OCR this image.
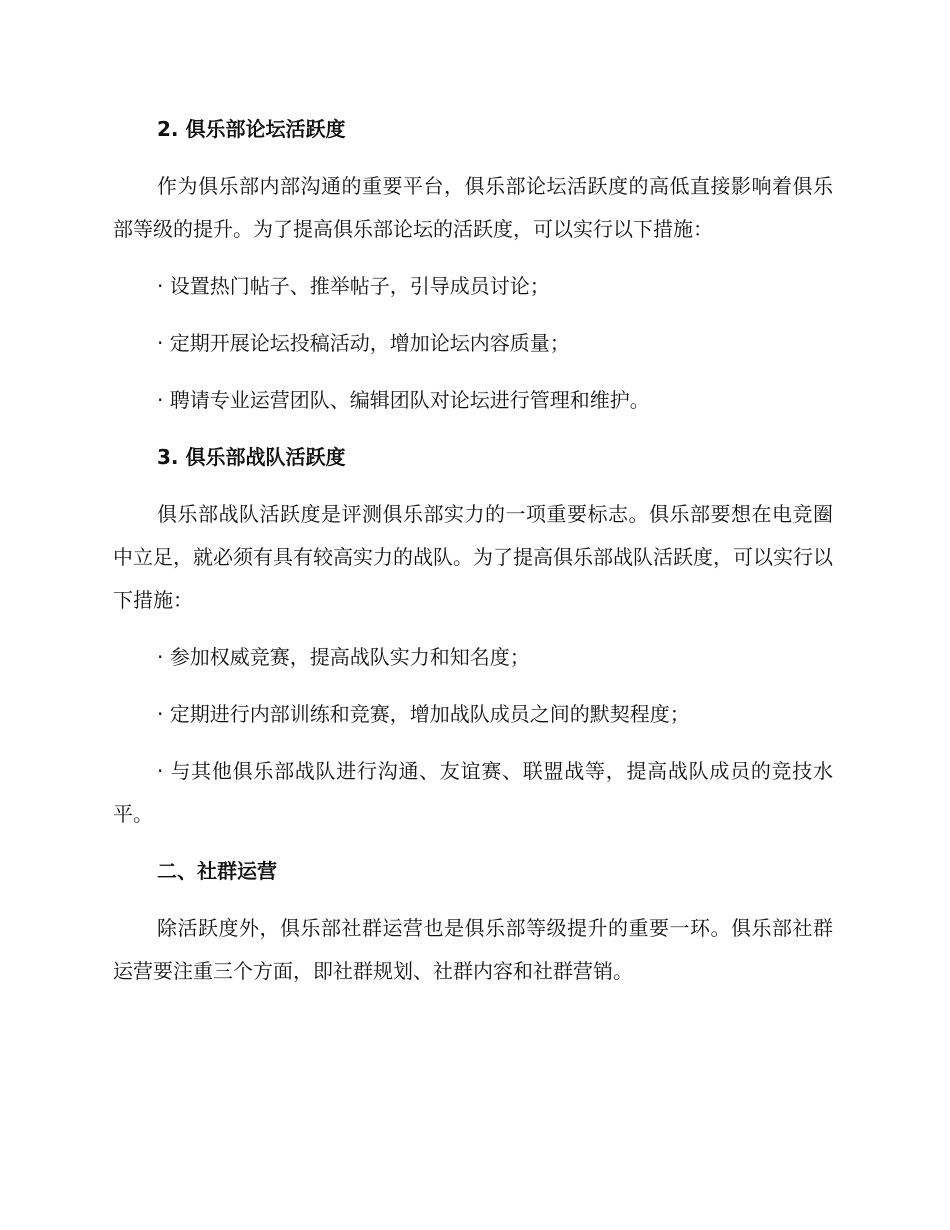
2. 俱乐部论坛活跃度

作为俱乐部内部沟通的重要平台，俱乐部论坛活跃度的高低直接影响着俱乐部等级的提升。为了提高俱乐部论坛的活跃度，可以实行以下措施：

· 设置热门帖子、推举帖子，引导成员讨论；

· 定期开展论坛投稿活动，增加论坛内容质量；

· 聘请专业运营团队、编辑团队对论坛进行管理和维护。

3. 俱乐部战队活跃度

俱乐部战队活跃度是评测俱乐部实力的一项重要标志。俱乐部要想在电竞圈中立足，就必须有具有较高实力的战队。为了提高俱乐部战队活跃度，可以实行以下措施：

· 参加权威竞赛，提高战队实力和知名度；

· 定期进行内部训练和竞赛，增加战队成员之间的默契程度；

· 与其他俱乐部战队进行沟通、友谊赛、联盟战等，提高战队成员的竞技水平。

二、社群运营

除活跃度外，俱乐部社群运营也是俱乐部等级提升的重要一环。俱乐部社群运营要注重三个方面，即社群规划、社群内容和社群营销。
